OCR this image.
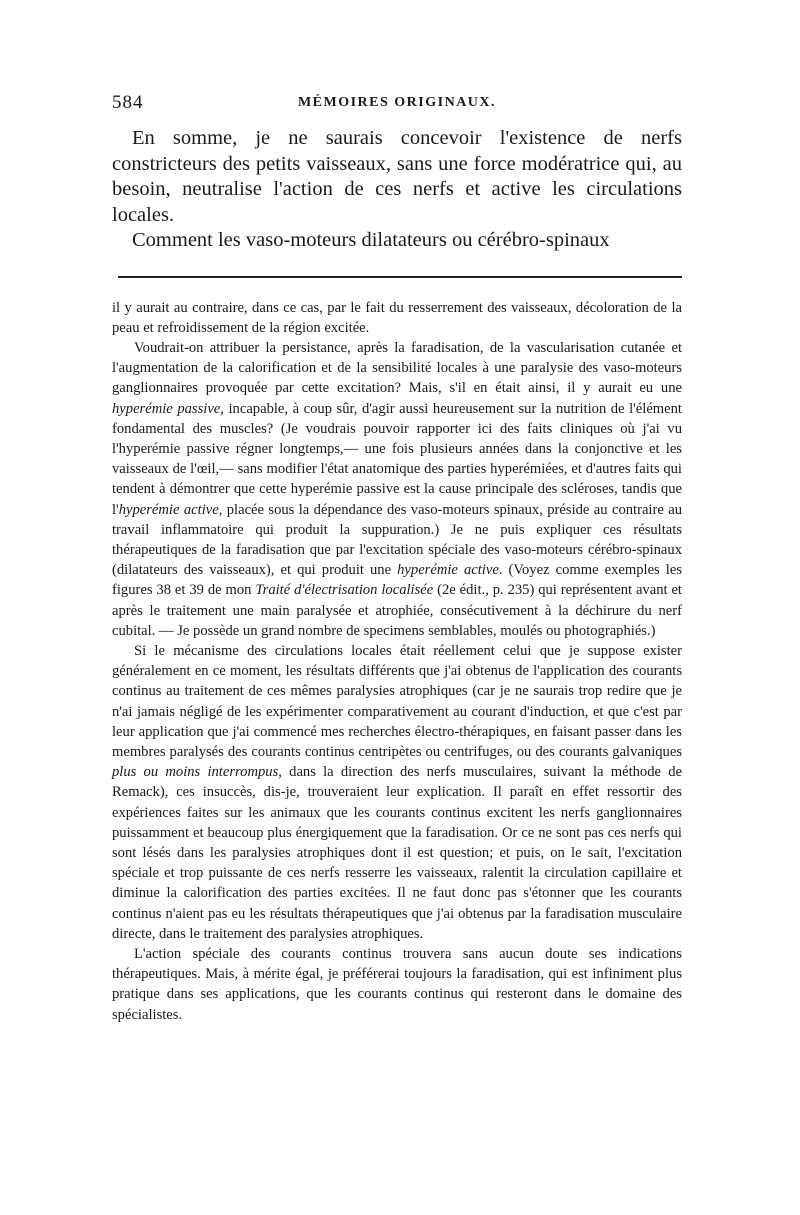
584	MÉMOIRES ORIGINAUX.

En somme, je ne saurais concevoir l'existence de nerfs constricteurs des petits vaisseaux, sans une force modératrice qui, au besoin, neutralise l'action de ces nerfs et active les circulations locales.

Comment les vaso-moteurs dilatateurs ou cérébro-spinaux

il y aurait au contraire, dans ce cas, par le fait du resserrement des vaisseaux, décoloration de la peau et refroidissement de la région excitée.

Voudrait-on attribuer la persistance, après la faradisation, de la vascularisation cutanée et l'augmentation de la calorification et de la sensibilité locales à une paralysie des vaso-moteurs ganglionnaires provoquée par cette excitation? Mais, s'il en était ainsi, il y aurait eu une hyperémie passive, incapable, à coup sûr, d'agir aussi heureusement sur la nutrition de l'élément fondamental des muscles? (Je voudrais pouvoir rapporter ici des faits cliniques où j'ai vu l'hyperémie passive régner longtemps,— une fois plusieurs années dans la conjonctive et les vaisseaux de l'œil,— sans modifier l'état anatomique des parties hyperémiées, et d'autres faits qui tendent à démontrer que cette hyperémie passive est la cause principale des scléroses, tandis que l'hyperémie active, placée sous la dépendance des vaso-moteurs spinaux, préside au contraire au travail inflammatoire qui produit la suppuration.) Je ne puis expliquer ces résultats thérapeutiques de la faradisation que par l'excitation spéciale des vaso-moteurs cérébro-spinaux (dilatateurs des vaisseaux), et qui produit une hyperémie active. (Voyez comme exemples les figures 38 et 39 de mon Traité d'électrisation localisée (2e édit., p. 235) qui représentent avant et après le traitement une main paralysée et atrophiée, consécutivement à la déchirure du nerf cubital. — Je possède un grand nombre de specimens semblables, moulés ou photographiés.)

Si le mécanisme des circulations locales était réellement celui que je suppose exister généralement en ce moment, les résultats différents que j'ai obtenus de l'application des courants continus au traitement de ces mêmes paralysies atrophiques (car je ne saurais trop redire que je n'ai jamais négligé de les expérimenter comparativement au courant d'induction, et que c'est par leur application que j'ai commencé mes recherches électro-thérapiques, en faisant passer dans les membres paralysés des courants continus centripètes ou centrifuges, ou des courants galvaniques plus ou moins interrompus, dans la direction des nerfs musculaires, suivant la méthode de Remack), ces insuccès, dis-je, trouveraient leur explication. Il paraît en effet ressortir des expériences faites sur les animaux que les courants continus excitent les nerfs ganglionnaires puissamment et beaucoup plus énergiquement que la faradisation. Or ce ne sont pas ces nerfs qui sont lésés dans les paralysies atrophiques dont il est question; et puis, on le sait, l'excitation spéciale et trop puissante de ces nerfs resserre les vaisseaux, ralentit la circulation capillaire et diminue la calorification des parties excitées. Il ne faut donc pas s'étonner que les courants continus n'aient pas eu les résultats thérapeutiques que j'ai obtenus par la faradisation musculaire directe, dans le traitement des paralysies atrophiques.

L'action spéciale des courants continus trouvera sans aucun doute ses indications thérapeutiques. Mais, à mérite égal, je préférerai toujours la faradisation, qui est infiniment plus pratique dans ses applications, que les courants continus qui resteront dans le domaine des spécialistes.
